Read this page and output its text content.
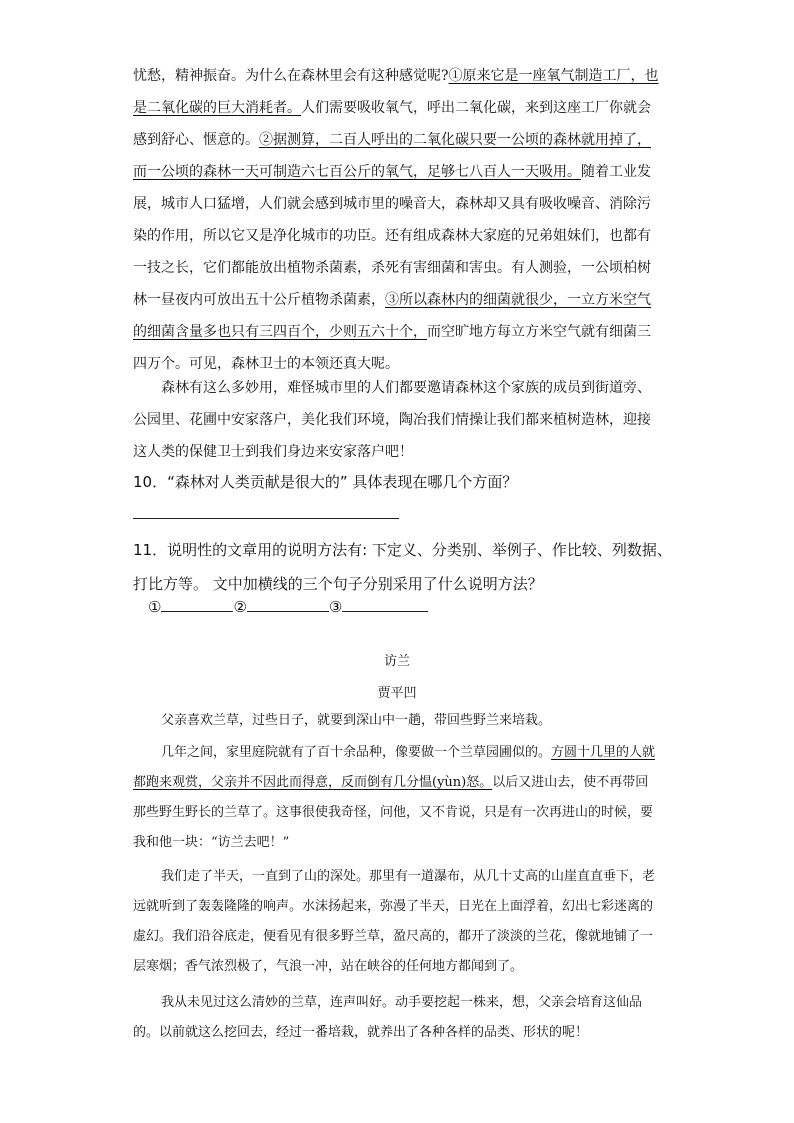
忧愁，精神振奋。为什么在森林里会有这种感觉呢?①原来它是一座氧气制造工厂，也是二氧化碳的巨大消耗者。人们需要吸收氧气，呼出二氧化碳，来到这座工厂你就会感到舒心、惬意的。②据测算，二百人呼出的二氧化碳只要一公顷的森林就用掉了，而一公顷的森林一天可制造六七百公斤的氧气，足够七八百人一天吸用。随着工业发展，城市人口猛增，人们就会感到城市里的噪音大，森林却又具有吸收噪音、消除污染的作用，所以它又是净化城市的功臣。还有组成森林大家庭的兄弟姐妹们，也都有一技之长，它们都能放出植物杀菌素，杀死有害细菌和害虫。有人测验，一公顷柏树林一昼夜内可放出五十公斤植物杀菌素，③所以森林内的细菌就很少，一立方米空气的细菌含量多也只有三四百个，少则五六十个，而空旷地方每立方米空气就有细菌三四万个。可见，森林卫士的本领还真大呢。
森林有这么多妙用，难怪城市里的人们都要邀请森林这个家族的成员到街道旁、公园里、花圃中安家落户，美化我们环境，陶冶我们情操让我们都来植树造林，迎接这人类的保健卫士到我们身边来安家落户吧！
10．“森林对人类贡献是很大的” 具体表现在哪几个方面？
11．说明性的文章用的说明方法有: 下定义、分类别、举例子、作比较、列数据、打比方等。 文中加横线的三个句子分别采用了什么说明方法？
①	②	③
访兰
贾平凹
父亲喜欢兰草，过些日子，就要到深山中一趟，带回些野兰来培栽。
几年之间，家里庭院就有了百十余品种，像要做一个兰草园圃似的。方圆十几里的人就都跑来观赏，父亲并不因此而得意，反而倒有几分愠(yùn)怒。以后又进山去，使不再带回那些野生野长的兰草了。这事很使我奇怪，问他，又不肯说，只是有一次再进山的时候，要我和他一块：“访兰去吧！”
我们走了半天，一直到了山的深处。那里有一道瀑布，从几十丈高的山崖直直垂下，老远就听到了轰轰隆隆的响声。水沫扬起来，弥漫了半天，日光在上面浮着，幻出七彩迷离的虚幻。我们沿谷底走，便看见有很多野兰草，盈尺高的，都开了淡淡的兰花，像就地铺了一层寒烟；香气浓烈极了，气浪一冲，站在峡谷的任何地方都闻到了。
我从未见过这么清妙的兰草，连声叫好。动手要挖起一株来，想，父亲会培育这仙品的。以前就这么挖回去，经过一番培栽，就养出了各种各样的品类、形状的呢！
